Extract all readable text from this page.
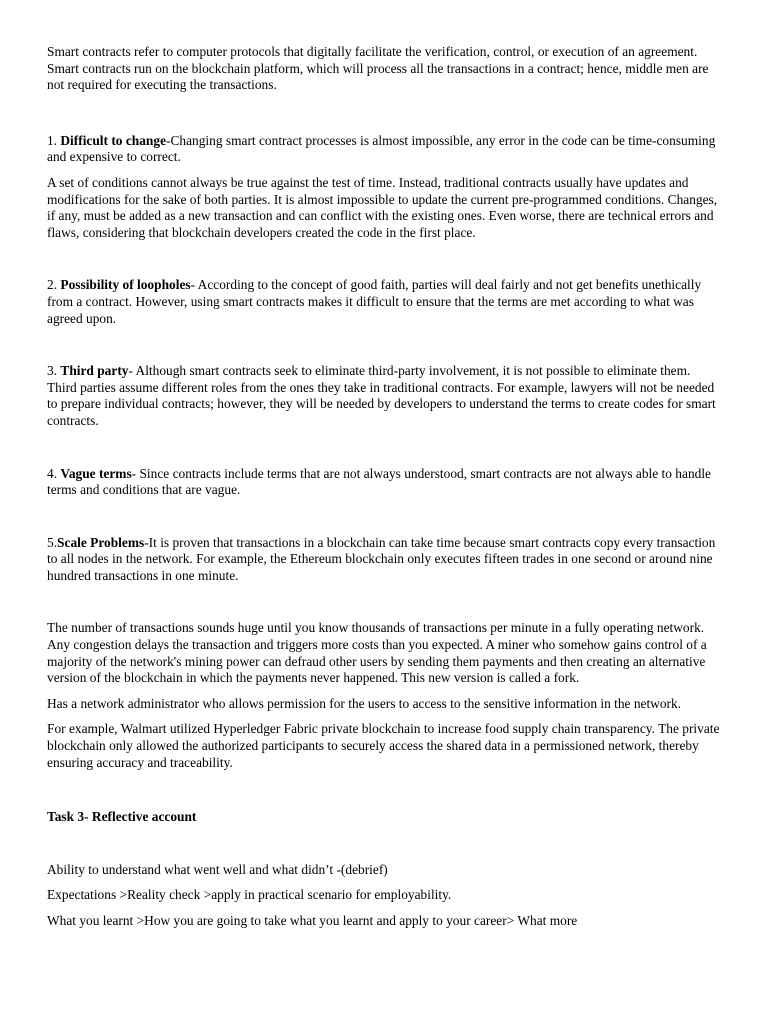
Smart contracts refer to computer protocols that digitally facilitate the verification, control, or execution of an agreement. Smart contracts run on the blockchain platform, which will process all the transactions in a contract; hence, middle men are not required for executing the transactions.

1. Difficult to change-Changing smart contract processes is almost impossible, any error in the code can be time-consuming and expensive to correct.

A set of conditions cannot always be true against the test of time. Instead, traditional contracts usually have updates and modifications for the sake of both parties. It is almost impossible to update the current pre-programmed conditions. Changes, if any, must be added as a new transaction and can conflict with the existing ones. Even worse, there are technical errors and flaws, considering that blockchain developers created the code in the first place.

2. Possibility of loopholes- According to the concept of good faith, parties will deal fairly and not get benefits unethically from a contract. However, using smart contracts makes it difficult to ensure that the terms are met according to what was agreed upon.

3. Third party- Although smart contracts seek to eliminate third-party involvement, it is not possible to eliminate them. Third parties assume different roles from the ones they take in traditional contracts. For example, lawyers will not be needed to prepare individual contracts; however, they will be needed by developers to understand the terms to create codes for smart contracts.

4. Vague terms- Since contracts include terms that are not always understood, smart contracts are not always able to handle terms and conditions that are vague.

5.Scale Problems-It is proven that transactions in a blockchain can take time because smart contracts copy every transaction to all nodes in the network. For example, the Ethereum blockchain only executes fifteen trades in one second or around nine hundred transactions in one minute.

The number of transactions sounds huge until you know thousands of transactions per minute in a fully operating network. Any congestion delays the transaction and triggers more costs than you expected. A miner who somehow gains control of a majority of the network's mining power can defraud other users by sending them payments and then creating an alternative version of the blockchain in which the payments never happened. This new version is called a fork.

Has a network administrator who allows permission for the users to access to the sensitive information in the network.

For example, Walmart utilized Hyperledger Fabric private blockchain to increase food supply chain transparency. The private blockchain only allowed the authorized participants to securely access the shared data in a permissioned network, thereby ensuring accuracy and traceability.

Task 3- Reflective account

Ability to understand what went well and what didn’t -(debrief)

Expectations >Reality check >apply in practical scenario for employability.

What you learnt >How you are going to take what you learnt and apply to your career> What more
